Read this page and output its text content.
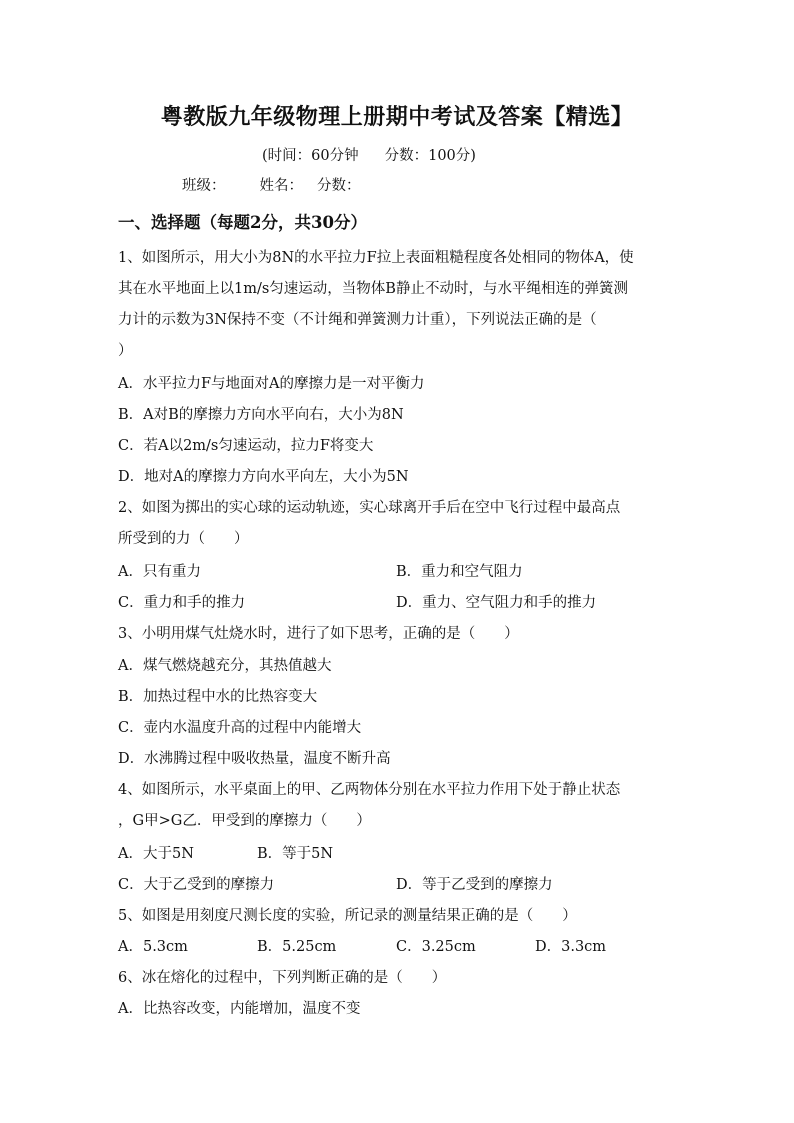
粤教版九年级物理上册期中考试及答案【精选】
(时间：60分钟 分数：100分)
班级： 姓名： 分数：
一、选择题（每题2分，共30分）
1、如图所示，用大小为8N的水平拉力F拉上表面粗糙程度各处相同的物体A，使
其在水平地面上以1m/s匀速运动，当物体B静止不动时，与水平绳相连的弹簧测
力计的示数为3N保持不变（不计绳和弹簧测力计重），下列说法正确的是（
）
A．水平拉力F与地面对A的摩擦力是一对平衡力
B．A对B的摩擦力方向水平向右，大小为8N
C．若A以2m/s匀速运动，拉力F将变大
D．地对A的摩擦力方向水平向左，大小为5N
2、如图为掷出的实心球的运动轨迹，实心球离开手后在空中飞行过程中最高点
所受到的力（　　）
A．只有重力	B．重力和空气阻力
C．重力和手的推力	D．重力、空气阻力和手的推力
3、小明用煤气灶烧水时，进行了如下思考，正确的是（　　）
A．煤气燃烧越充分，其热值越大
B．加热过程中水的比热容变大
C．壶内水温度升高的过程中内能增大
D．水沸腾过程中吸收热量，温度不断升高
4、如图所示，水平桌面上的甲、乙两物体分别在水平拉力作用下处于静止状态
，G甲>G乙．甲受到的摩擦力（　　）
A．大于5N	B．等于5N
C．大于乙受到的摩擦力	D．等于乙受到的摩擦力
5、如图是用刻度尺测长度的实验，所记录的测量结果正确的是（　　）
A．5.3cm	B．5.25cm	C．3.25cm	D．3.3cm
6、冰在熔化的过程中，下列判断正确的是（　　）
A．比热容改变，内能增加，温度不变
